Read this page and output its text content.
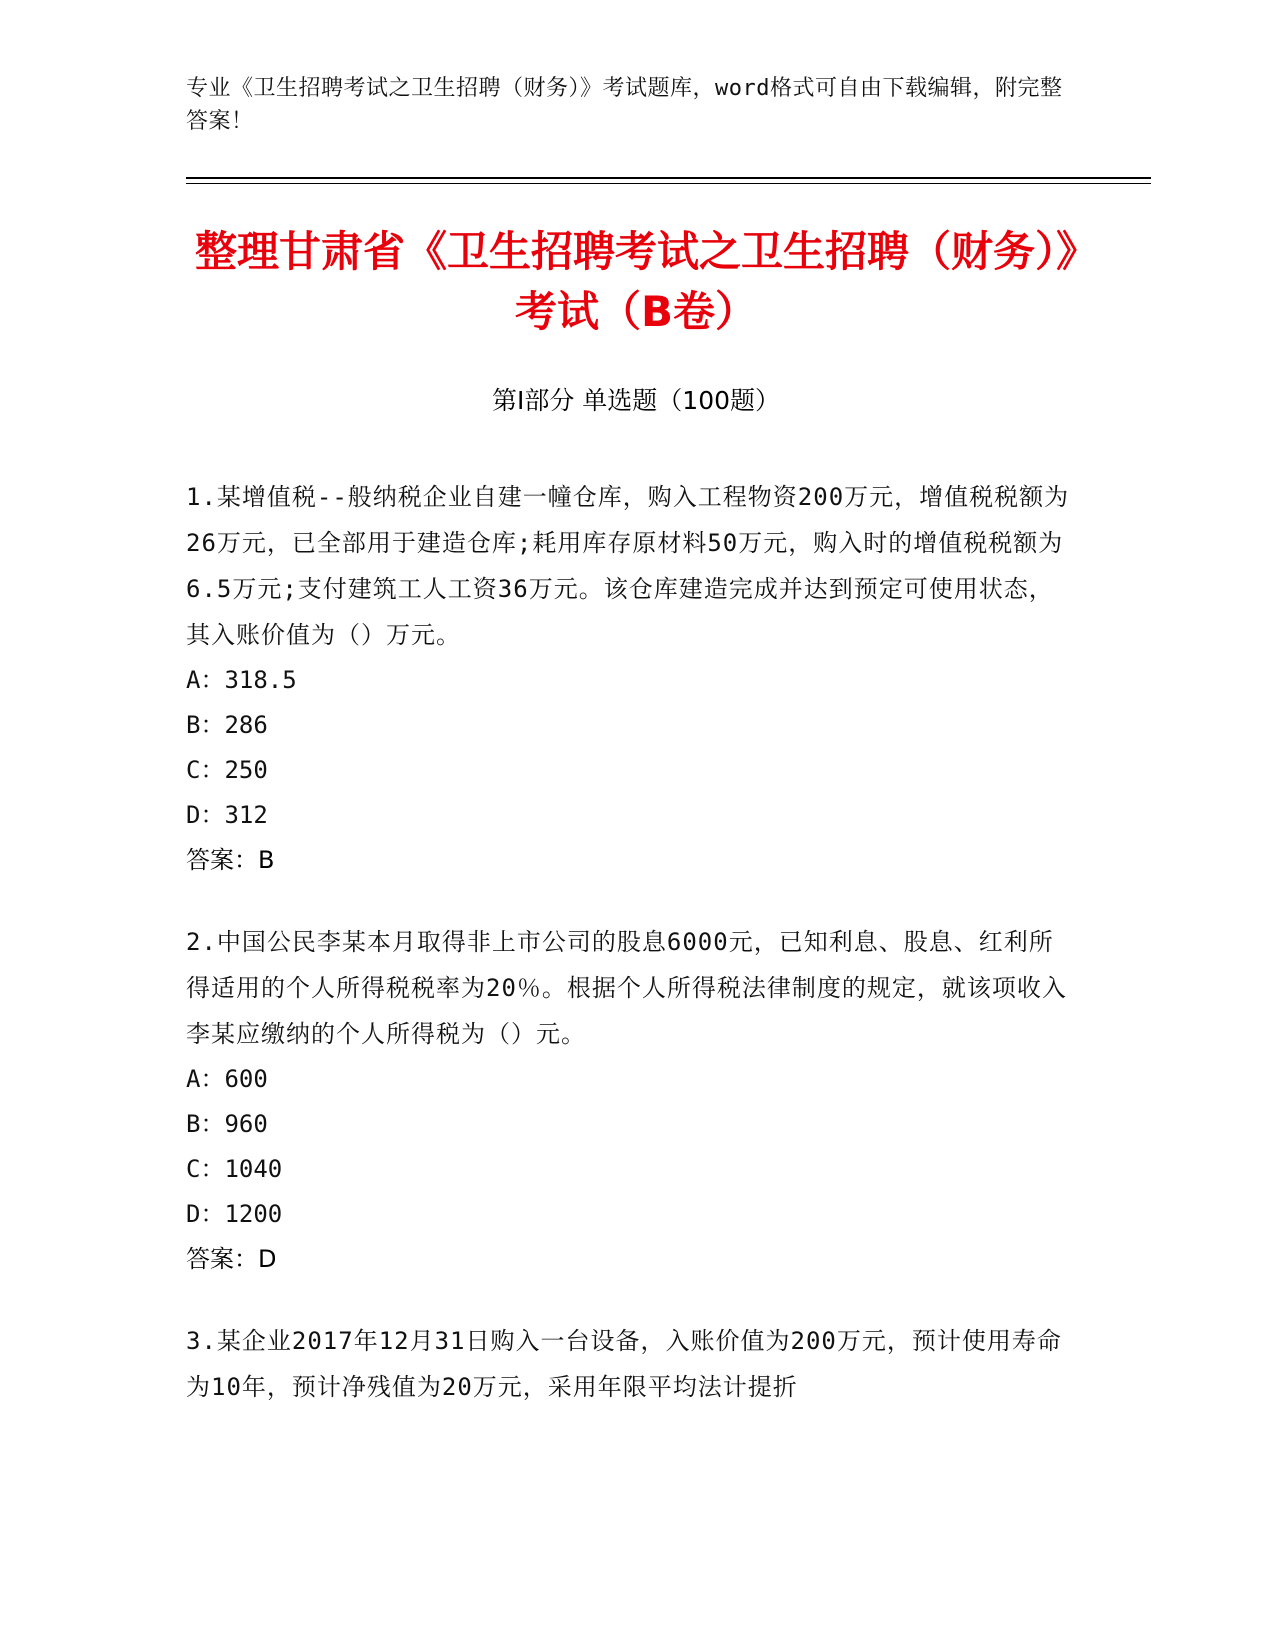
专业《卫生招聘考试之卫生招聘（财务）》考试题库，word格式可自由下载编辑，附完整答案！
整理甘肃省《卫生招聘考试之卫生招聘（财务）》考试（B卷）
第I部分 单选题（100题）

1.某增值税--般纳税企业自建一幢仓库，购入工程物资200万元，增值税税额为26万元，已全部用于建造仓库;耗用库存原材料50万元，购入时的增值税税额为6.5万元;支付建筑工人工资36万元。该仓库建造完成并达到预定可使用状态，其入账价值为（）万元。

A：318.5

B：286

C：250

D：312

答案：B

2.中国公民李某本月取得非上市公司的股息6000元，已知利息、股息、红利所得适用的个人所得税税率为20％。根据个人所得税法律制度的规定，就该项收入李某应缴纳的个人所得税为（）元。

A：600

B：960

C：1040

D：1200

答案：D

3.某企业2017年12月31日购入一台设备，入账价值为200万元，预计使用寿命为10年，预计净残值为20万元，采用年限平均法计提折
